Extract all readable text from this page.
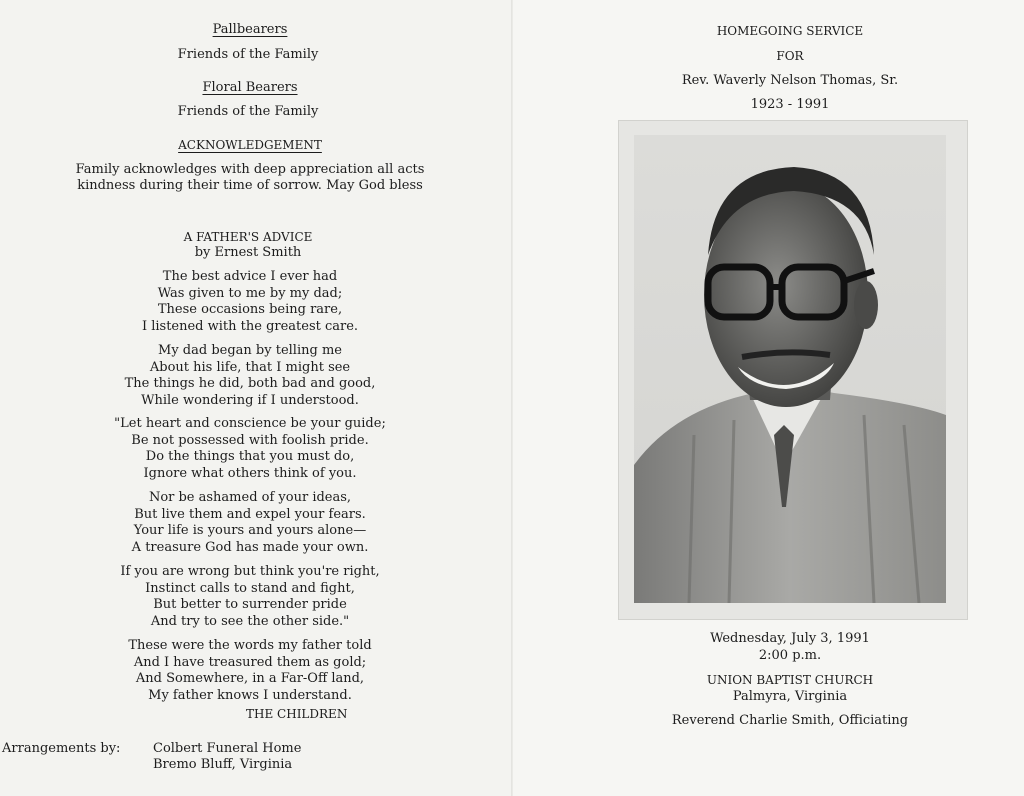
Pallbearers
Friends of the Family
Floral Bearers
Friends of the Family
ACKNOWLEDGEMENT
Family acknowledges with deep appreciation all acts
kindness during their time of sorrow. May God bless
A FATHER'S ADVICE
by Ernest Smith
The best advice I ever had
Was given to me by my dad;
These occasions being rare,
I listened with the greatest care.
My dad began by telling me
About his life, that I might see
The things he did, both bad and good,
While wondering if I understood.
"Let heart and conscience be your guide;
Be not possessed with foolish pride.
Do the things that you must do,
Ignore what others think of you.
Nor be ashamed of your ideas,
But live them and expel your fears.
Your life is yours and yours alone—
A treasure God has made your own.
If you are wrong but think you're right,
Instinct calls to stand and fight,
But better to surrender pride
And try to see the other side."
These were the words my father told
And I have treasured them as gold;
And Somewhere, in a Far-Off land,
My father knows I understand.
THE CHILDREN
Arrangements by:	Colbert Funeral Home
Bremo Bluff, Virginia
HOMEGOING SERVICE
FOR
Rev. Waverly Nelson Thomas, Sr.
1923 - 1991
Wednesday, July 3, 1991
2:00 p.m.
UNION BAPTIST CHURCH
Palmyra, Virginia
Reverend Charlie Smith, Officiating
